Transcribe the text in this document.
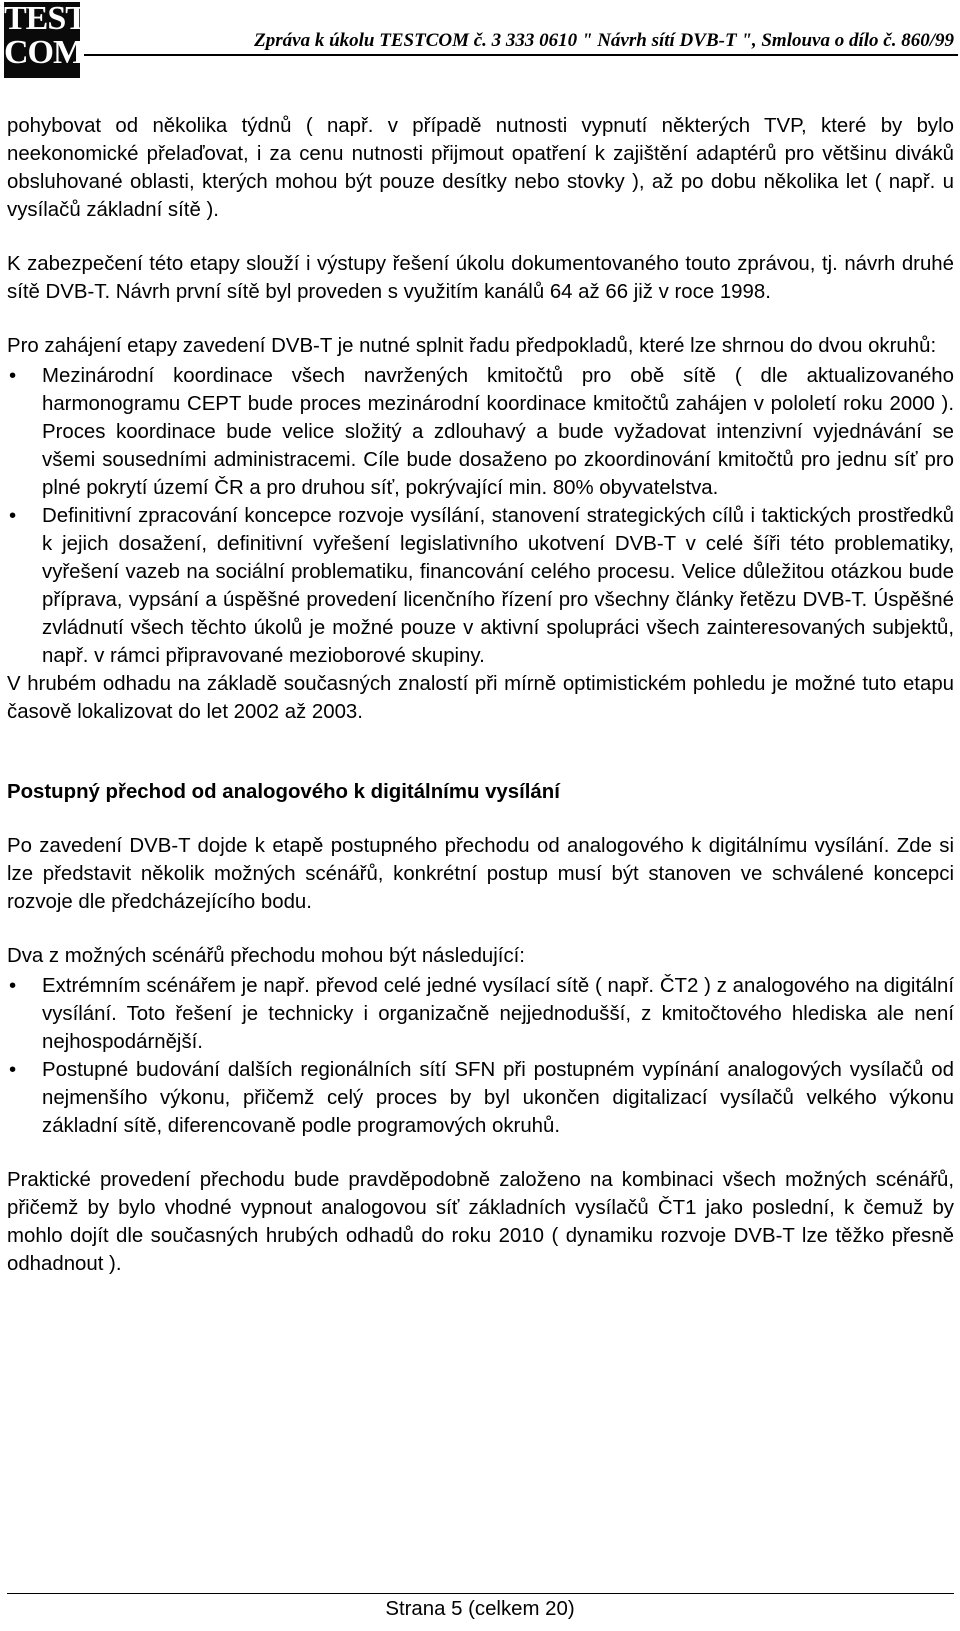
TEST
COM	Zpráva k úkolu TESTCOM č. 3 333 0610 " Návrh sítí DVB-T ", Smlouva o dílo č. 860/99

pohybovat od několika týdnů ( např. v případě nutnosti vypnutí některých TVP, které by bylo neekonomické přelaďovat, i za cenu nutnosti přijmout opatření k zajištění adaptérů pro většinu diváků obsluhované oblasti, kterých mohou být pouze desítky nebo stovky ), až po dobu několika let ( např. u vysílačů základní sítě ).

K zabezpečení této etapy slouží i výstupy řešení úkolu dokumentovaného touto zprávou, tj. návrh druhé sítě DVB-T. Návrh první sítě byl proveden s využitím kanálů 64 až 66 již v roce 1998.

Pro zahájení etapy zavedení DVB-T je nutné splnit řadu předpokladů, které lze shrnou do dvou okruhů:

• Mezinárodní koordinace všech navržených kmitočtů pro obě sítě ( dle aktualizovaného harmonogramu CEPT bude proces mezinárodní koordinace kmitočtů zahájen v pololetí roku 2000 ). Proces koordinace bude velice složitý a zdlouhavý a bude vyžadovat intenzivní vyjednávání se všemi sousedními administracemi. Cíle bude dosaženo po zkoordinování kmitočtů pro jednu síť pro plné pokrytí území ČR a pro druhou síť, pokrývající min. 80% obyvatelstva.
• Definitivní zpracování koncepce rozvoje vysílání, stanovení strategických cílů i taktických prostředků k jejich dosažení, definitivní vyřešení legislativního ukotvení DVB-T v celé šíři této problematiky, vyřešení vazeb na sociální problematiku, financování celého procesu. Velice důležitou otázkou bude příprava, vypsání a úspěšné provedení licenčního řízení pro všechny články řetězu DVB-T. Úspěšné zvládnutí všech těchto úkolů je možné pouze v aktivní spolupráci všech zainteresovaných subjektů, např. v rámci připravované mezioborové skupiny.

V hrubém odhadu na základě současných znalostí při mírně optimistickém pohledu je možné tuto etapu časově lokalizovat do let 2002 až 2003.

Postupný přechod od analogového k digitálnímu vysílání

Po zavedení DVB-T dojde k etapě postupného přechodu od analogového k digitálnímu vysílání. Zde si lze představit několik možných scénářů, konkrétní postup musí být stanoven ve schválené koncepci rozvoje dle předcházejícího bodu.

Dva z možných scénářů přechodu mohou být následující:

• Extrémním scénářem je např. převod celé jedné vysílací sítě ( např. ČT2 ) z analogového na digitální vysílání. Toto řešení je technicky i organizačně nejjednodušší, z kmitočtového hlediska ale není nejhospodárnější.
• Postupné budování dalších regionálních sítí SFN při postupném vypínání analogových vysílačů od nejmenšího výkonu, přičemž celý proces by byl ukončen digitalizací vysílačů velkého výkonu základní sítě, diferencovaně podle programových okruhů.

Praktické provedení přechodu bude pravděpodobně založeno na kombinaci všech možných scénářů, přičemž by bylo vhodné vypnout analogovou síť základních vysílačů ČT1 jako poslední, k čemuž by mohlo dojít dle současných hrubých odhadů do roku 2010 ( dynamiku rozvoje DVB-T lze těžko přesně odhadnout ).

Strana 5 (celkem 20)
